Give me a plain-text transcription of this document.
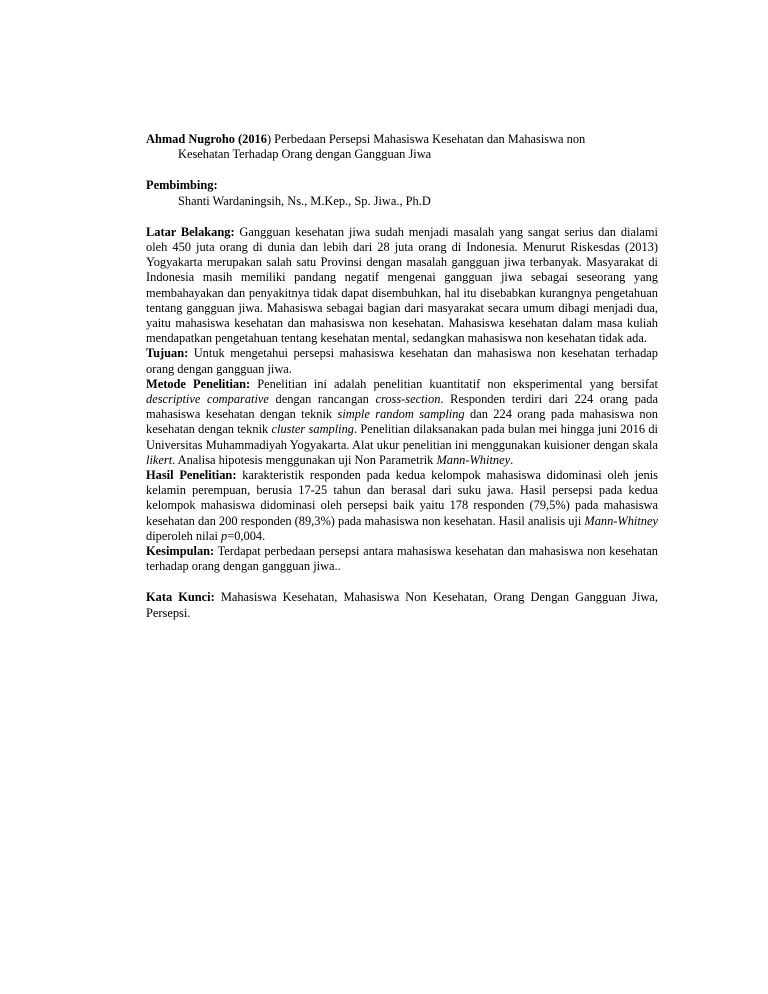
Ahmad Nugroho (2016) Perbedaan Persepsi Mahasiswa Kesehatan dan Mahasiswa non
Kesehatan Terhadap Orang dengan Gangguan Jiwa

Pembimbing:

Shanti Wardaningsih, Ns., M.Kep., Sp. Jiwa., Ph.D

Latar Belakang: Gangguan kesehatan jiwa sudah menjadi masalah yang sangat serius dan dialami oleh 450 juta orang di dunia dan lebih dari 28 juta orang di Indonesia. Menurut Riskesdas (2013) Yogyakarta merupakan salah satu Provinsi dengan masalah gangguan jiwa terbanyak. Masyarakat di Indonesia masih memiliki pandang negatif mengenai gangguan jiwa sebagai seseorang yang membahayakan dan penyakitnya tidak dapat disembuhkan, hal itu disebabkan kurangnya pengetahuan tentang gangguan jiwa. Mahasiswa sebagai bagian dari masyarakat secara umum dibagi menjadi dua, yaitu mahasiswa kesehatan dan mahasiswa non kesehatan. Mahasiswa kesehatan dalam masa kuliah mendapatkan pengetahuan tentang kesehatan mental, sedangkan mahasiswa non kesehatan tidak ada.

Tujuan: Untuk mengetahui persepsi mahasiswa kesehatan dan mahasiswa non kesehatan terhadap orang dengan gangguan jiwa.

Metode Penelitian: Penelitian ini adalah penelitian kuantitatif non eksperimental yang bersifat descriptive comparative dengan rancangan cross-section. Responden terdiri dari 224 orang pada mahasiswa kesehatan dengan teknik simple random sampling dan 224 orang pada mahasiswa non kesehatan dengan teknik cluster sampling. Penelitian dilaksanakan pada bulan mei hingga juni 2016 di Universitas Muhammadiyah Yogyakarta. Alat ukur penelitian ini menggunakan kuisioner dengan skala likert. Analisa hipotesis menggunakan uji Non Parametrik Mann-Whitney.

Hasil Penelitian: karakteristik responden pada kedua kelompok mahasiswa didominasi oleh jenis kelamin perempuan, berusia 17-25 tahun dan berasal dari suku jawa. Hasil persepsi pada kedua kelompok mahasiswa didominasi oleh persepsi baik yaitu 178 responden (79,5%) pada mahasiswa kesehatan dan 200 responden (89,3%) pada mahasiswa non kesehatan. Hasil analisis uji Mann-Whitney diperoleh nilai p=0,004.

Kesimpulan: Terdapat perbedaan persepsi antara mahasiswa kesehatan dan mahasiswa non kesehatan terhadap orang dengan gangguan jiwa..

Kata Kunci: Mahasiswa Kesehatan, Mahasiswa Non Kesehatan, Orang Dengan Gangguan Jiwa, Persepsi.
